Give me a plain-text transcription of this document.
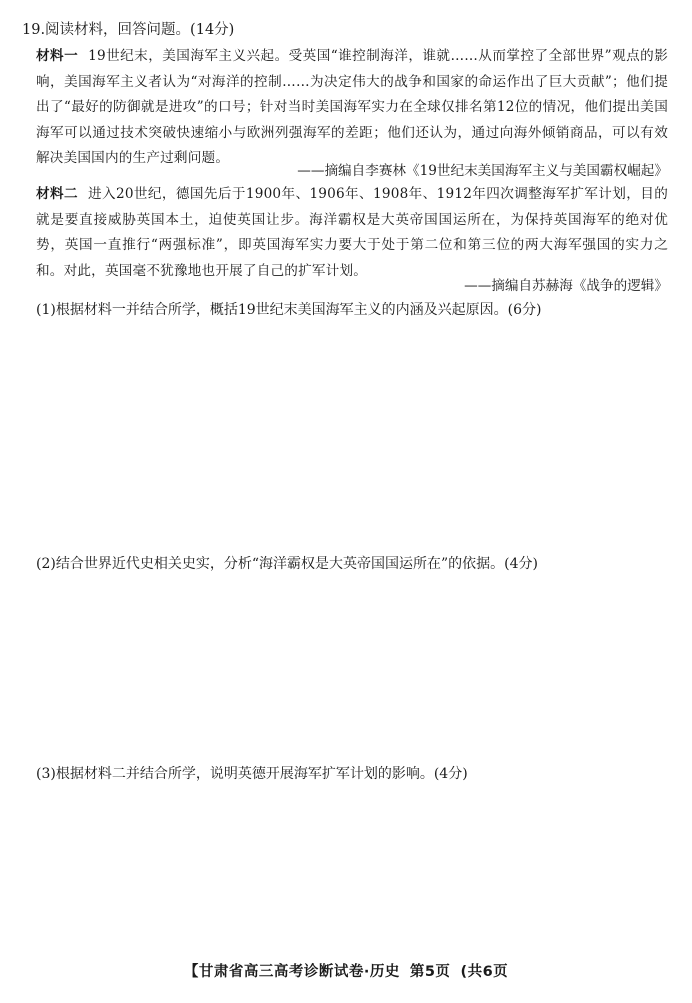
19.阅读材料，回答问题。(14分)
材料一 19世纪末，美国海军主义兴起。受英国“谁控制海洋，谁就……从而掌控了全部世界”观点的影响，美国海军主义者认为“对海洋的控制……为决定伟大的战争和国家的命运作出了巨大贡献”；他们提出了“最好的防御就是进攻”的口号；针对当时美国海军实力在全球仅排名第12位的情况，他们提出美国海军可以通过技术突破快速缩小与欧洲列强海军的差距；他们还认为，通过向海外倾销商品，可以有效解决美国国内的生产过剩问题。
——摘编自李赛林《19世纪末美国海军主义与美国霸权崛起》
材料二 进入20世纪，德国先后于1900年、1906年、1908年、1912年四次调整海军扩军计划，目的就是要直接威胁英国本土，迫使英国让步。海洋霸权是大英帝国国运所在，为保持英国海军的绝对优势，英国一直推行“两强标准”，即英国海军实力要大于处于第二位和第三位的两大海军强国的实力之和。对此，英国毫不犹豫地也开展了自己的扩军计划。
——摘编自苏赫海《战争的逻辑》
(1)根据材料一并结合所学，概括19世纪末美国海军主义的内涵及兴起原因。(6分)
(2)结合世界近代史相关史实，分析“海洋霸权是大英帝国国运所在”的依据。(4分)
(3)根据材料二并结合所学，说明英德开展海军扩军计划的影响。(4分)
【甘肃省高三高考诊断试卷·历史 第5页 (共6页
